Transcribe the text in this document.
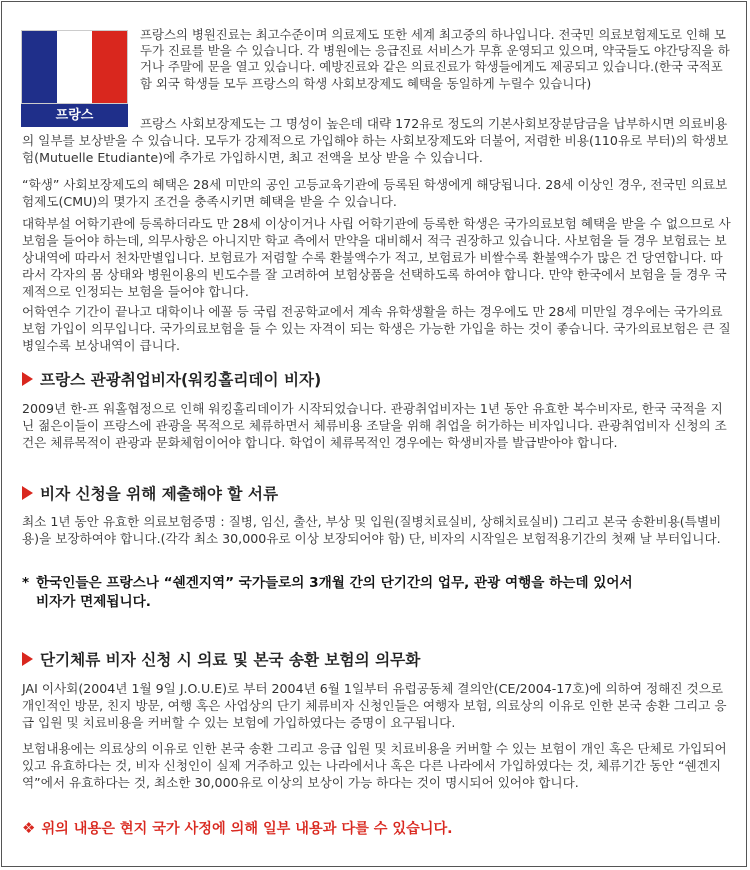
프랑스

프랑스의 병원진료는 최고수준이며 의료제도 또한 세계 최고중의 하나입니다. 전국민 의료보험제도로 인해 모두가 진료를 받을 수 있습니다. 각 병원에는 응급진료 서비스가 무휴 운영되고 있으며, 약국들도 야간당직을 하거나 주말에 문을 열고 있습니다. 예방진료와 같은 의료진료가 학생들에게도 제공되고 있습니다.(한국 국적포함 외국 학생들 모두 프랑스의 학생 사회보장제도 혜택을 동일하게 누릴수 있습니다)

프랑스 사회보장제도는 그 명성이 높은데 대략 172유로 정도의 기본사회보장분담금을 납부하시면 의료비용의 일부를 보상받을 수 있습니다. 모두가 강제적으로 가입해야 하는 사회보장제도와 더불어, 저렴한 비용(110유로 부터)의 학생보험(Mutuelle Etudiante)에 추가로 가입하시면, 최고 전액을 보상 받을 수 있습니다.

“학생” 사회보장제도의 혜택은 28세 미만의 공인 고등교육기관에 등록된 학생에게 해당됩니다. 28세 이상인 경우, 전국민 의료보험제도(CMU)의 몇가지 조건을 충족시키면 혜택을 받을 수 있습니다.

대학부설 어학기관에 등록하더라도 만 28세 이상이거나 사립 어학기관에 등록한 학생은 국가의료보험 혜택을 받을 수 없으므로 사보험을 들어야 하는데, 의무사항은 아니지만 학교 측에서 만약을 대비해서 적극 권장하고 있습니다. 사보험을 들 경우 보험료는 보상내역에 따라서 천차만별입니다. 보험료가 저렴할 수록 환불액수가 적고, 보험료가 비쌀수록 환불액수가 많은 건 당연합니다. 따라서 각자의 몸 상태와 병원이용의 빈도수를 잘 고려하여 보험상품을 선택하도록 하여야 합니다. 만약 한국에서 보험을 들 경우 국제적으로 인정되는 보험을 들어야 합니다.

어학연수 기간이 끝나고 대학이나 에꼴 등 국립 전공학교에서 계속 유학생활을 하는 경우에도 만 28세 미만일 경우에는 국가의료보험 가입이 의무입니다. 국가의료보험을 들 수 있는 자격이 되는 학생은 가능한 가입을 하는 것이 좋습니다. 국가의료보험은 큰 질병일수록 보상내역이 큽니다.

프랑스 관광취업비자(워킹홀리데이 비자)

2009년 한-프 워홀협정으로 인해 워킹홀리데이가 시작되었습니다. 관광취업비자는 1년 동안 유효한 복수비자로, 한국 국적을 지닌 젊은이들이 프랑스에 관광을 목적으로 체류하면서 체류비용 조달을 위해 취업을 허가하는 비자입니다. 관광취업비자 신청의 조건은 체류목적이 관광과 문화체험이어야 합니다. 학업이 체류목적인 경우에는 학생비자를 발급받아야 합니다.

비자 신청을 위해 제출해야 할 서류

최소 1년 동안 유효한 의료보험증명 : 질병, 임신, 출산, 부상 및 입원(질병치료실비, 상해치료실비) 그리고 본국 송환비용(특별비용)을 보장하여야 합니다.(각각 최소 30,000유로 이상 보장되어야 함) 단, 비자의 시작일은 보험적용기간의 첫째 날 부터입니다.

* 한국인들은 프랑스나 “쉔겐지역” 국가들로의 3개월 간의 단기간의 업무, 관광 여행을 하는데 있어서
비자가 면제됩니다.
단기체류 비자 신청 시 의료 및 본국 송환 보험의 의무화

JAI 이사회(2004년 1월 9일 J.O.U.E)로 부터 2004년 6월 1일부터 유럽공동체 결의안(CE/2004-17호)에 의하여 정해진 것으로 개인적인 방문, 친지 방문, 여행 혹은 사업상의 단기 체류비자 신청인들은 여행자 보험, 의료상의 이유로 인한 본국 송환 그리고 응급 입원 및 치료비용을 커버할 수 있는 보험에 가입하였다는 증명이 요구됩니다.

보험내용에는 의료상의 이유로 인한 본국 송환 그리고 응급 입원 및 치료비용을 커버할 수 있는 보험이 개인 혹은 단체로 가입되어 있고 유효하다는 것, 비자 신청인이 실제 거주하고 있는 나라에서나 혹은 다른 나라에서 가입하였다는 것, 체류기간 동안 “쉔겐지역”에서 유효하다는 것, 최소한 30,000유로 이상의 보상이 가능 하다는 것이 명시되어 있어야 합니다.

❖ 위의 내용은 현지 국가 사정에 의해 일부 내용과 다를 수 있습니다.
